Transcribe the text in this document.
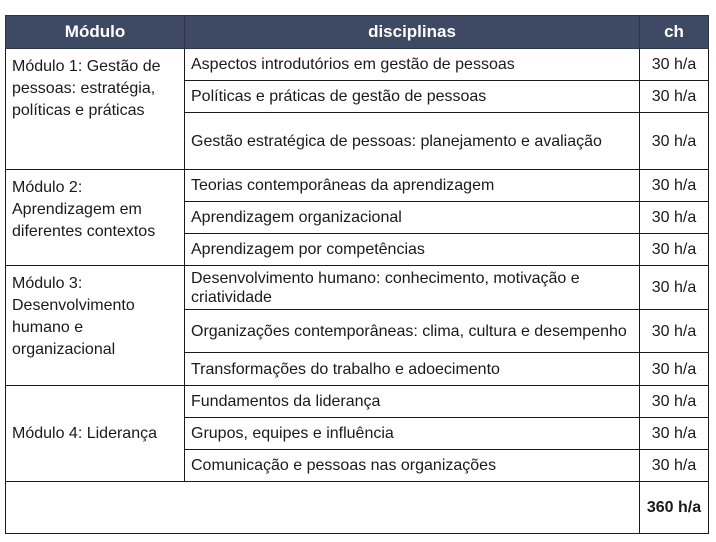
Módulo	disciplinas	ch
Módulo 1: Gestão de pessoas: estratégia, políticas e práticas	Aspectos introdutórios em gestão de pessoas	30 h/a
	Políticas e práticas de gestão de pessoas	30 h/a
	Gestão estratégica de pessoas: planejamento e avaliação	30 h/a
Módulo 2: Aprendizagem em diferentes contextos	Teorias contemporâneas da aprendizagem	30 h/a
	Aprendizagem organizacional	30 h/a
	Aprendizagem por competências	30 h/a
Módulo 3: Desenvolvimento humano e organizacional	Desenvolvimento humano: conhecimento, motivação e criatividade	30 h/a
	Organizações contemporâneas: clima, cultura e desempenho	30 h/a
	Transformações do trabalho e adoecimento	30 h/a
Módulo 4: Liderança	Fundamentos da liderança	30 h/a
	Grupos, equipes e influência	30 h/a
	Comunicação e pessoas nas organizações	30 h/a
		360 h/a
